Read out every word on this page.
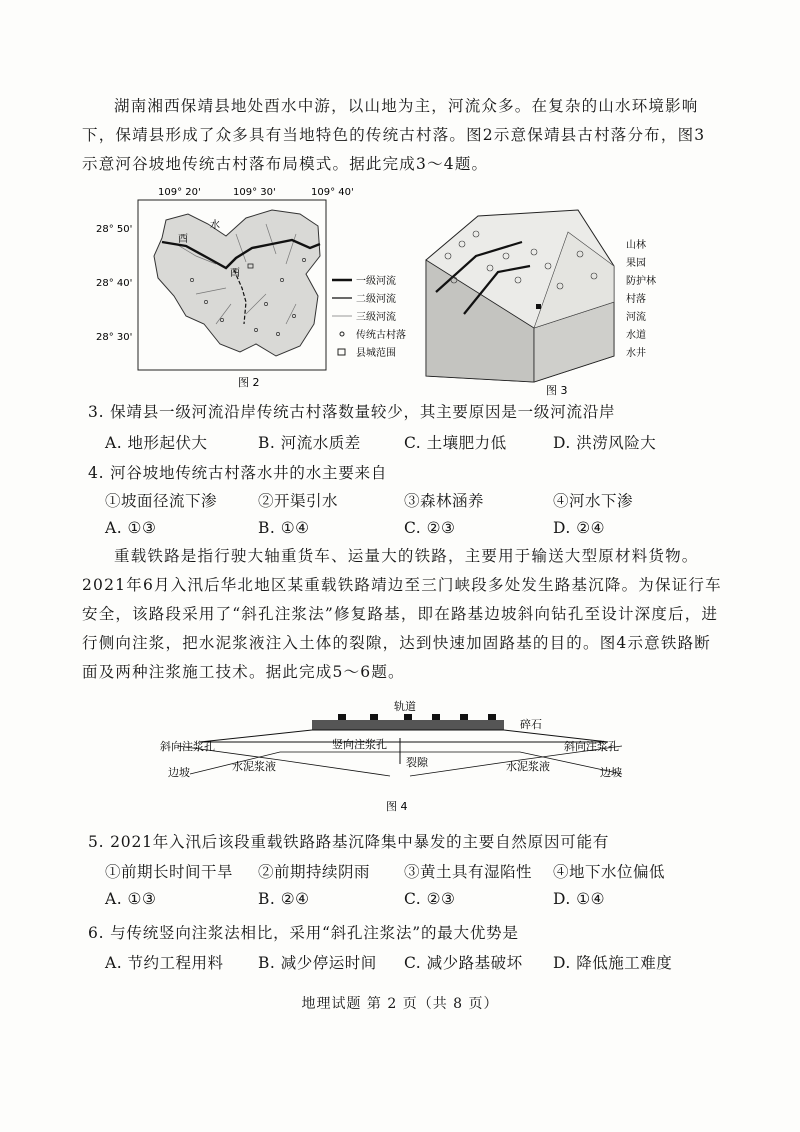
湖南湘西保靖县地处酉水中游，以山地为主，河流众多。在复杂的山水环境影响下，保靖县形成了众多具有当地特色的传统古村落。图2示意保靖县古村落分布，图3示意河谷坡地传统古村落布局模式。据此完成3～4题。

109° 20'	109° 30'	109° 40'
28° 50'
28° 40'
28° 30'
酉
水
酉
一级河流
二级河流
三级河流
传统古村落
县城范围
图 2
山林
果园
防护林
村落
河流
水道
水井
图 3

3. 保靖县一级河流沿岸传统古村落数量较少，其主要原因是一级河流沿岸

A. 地形起伏大	B. 河流水质差	C. 土壤肥力低	D. 洪涝风险大

4. 河谷坡地传统古村落水井的水主要来自

①坡面径流下渗	②开渠引水	③森林涵养	④河水下渗
A. ①③	B. ①④	C. ②③	D. ②④

重载铁路是指行驶大轴重货车、运量大的铁路，主要用于输送大型原材料货物。2021年6月入汛后华北地区某重载铁路靖边至三门峡段多处发生路基沉降。为保证行车安全，该路段采用了“斜孔注浆法”修复路基，即在路基边坡斜向钻孔至设计深度后，进行侧向注浆，把水泥浆液注入土体的裂隙，达到快速加固路基的目的。图4示意铁路断面及两种注浆施工技术。据此完成5～6题。

轨道
碎石
斜向注浆孔	竖向注浆孔	斜向注浆孔
边坡	水泥浆液	裂隙	水泥浆液	边坡
图 4

5. 2021年入汛后该段重载铁路路基沉降集中暴发的主要自然原因可能有

①前期长时间干旱 ②前期持续阴雨 ③黄土具有湿陷性 ④地下水位偏低
A. ①③	B. ②④	C. ②③	D. ①④

6. 与传统竖向注浆法相比，采用“斜孔注浆法”的最大优势是

A. 节约工程用料 B. 减少停运时间 C. 减少路基破坏 D. 降低施工难度
地理试题 第 2 页（共 8 页）
